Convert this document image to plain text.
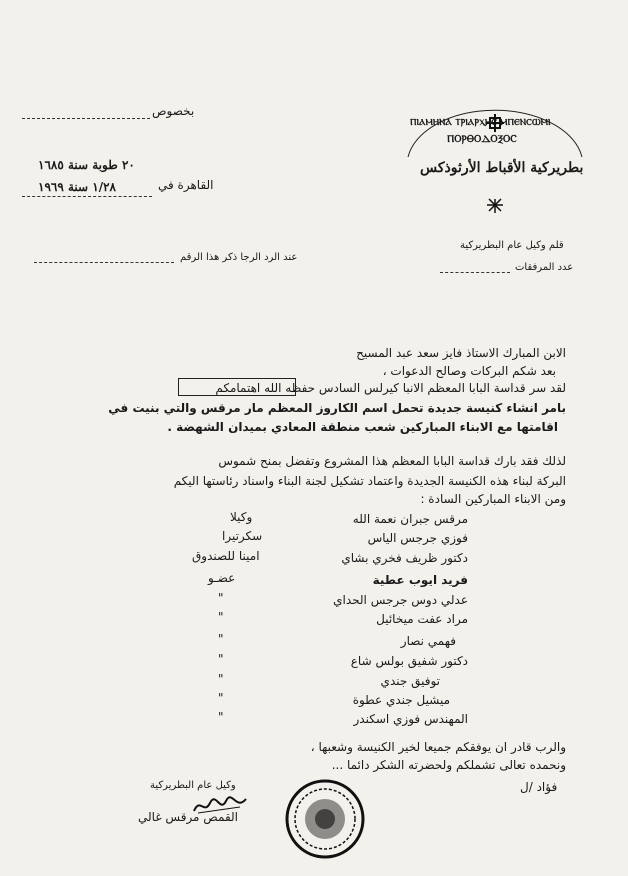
ⲠⲒⲀⲘⲎⲚⲀ ⲦⲢⲒⲀⲢⲬⲎⲤ ⲘⲠⲈⲚⲤⲰⲘⲒ
ⲠⲞⲢⲐⲞⲆⲞⲜⲞⲤ
بطريركية الأقباط الأرثوذكس
بخصوص
٢٠ طوبة سنة ١٦٨٥
القاهرة في
١/٢٨ سنة ١٩٦٩
عند الرد الرجا ذكر هذا الرقم
قلم وكيل عام البطريركية
عدد المرفقات
الابن المبارك الاستاذ فايز سعد عبد المسيح
بعد شكم البركات وصالح الدعوات ،
لقد سر قداسة البابا المعظم الانبا كيرلس السادس حفظه الله اهتمامكم
بامر انشاء كنيسة جديدة تحمل اسم الكاروز المعظم مار مرقس والتي بنيت في
اقامتها مع الابناء المباركين شعب منطقة المعادي بميدان الشهضة .
لذلك فقد بارك قداسة البابا المعظم هذا المشروع وتفضل بمنح شموس
البركة لبناء هذه الكنيسة الجديدة واعتماد تشكيل لجنة البناء واسناد رئاستها اليكم
ومن الابناء المباركين السادة :
مرقس جبران نعمة الله
وكيلا
فوزي جرجس الياس
سكرتيرا
دكتور ظريف فخري بشاي
امينا للصندوق
فريد ايوب عطية
عضـو
عدلي دوس جرجس الحداي
"
مراد عفت ميخائيل
"
فهمي نصار
"
دكتور شفيق بولس شاع
"
توفيق جندي
"
ميشيل جندي عطوة
"
المهندس فوزي اسكندر
"
والرب قادر ان يوفقكم جميعا لخير الكنيسة وشعبها ،
ونحمده تعالى تشملكم ولحضرته الشكر دائما ...
فؤاد /ل
وكيل عام البطريركية
القمص مرقس غالي
